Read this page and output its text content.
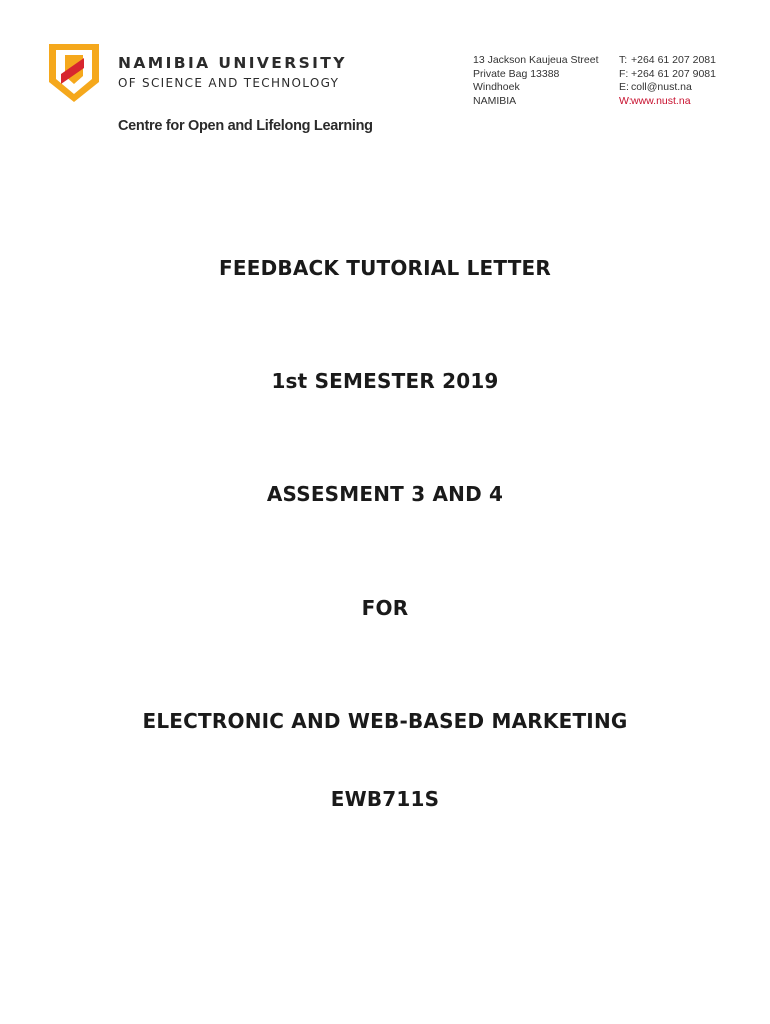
NAMIBIA UNIVERSITY
OF SCIENCE AND TECHNOLOGY
Centre for Open and Lifelong Learning
13 Jackson Kaujeua Street
Private Bag 13388
Windhoek
NAMIBIA
T: +264 61 207 2081
F: +264 61 207 9081
E: coll@nust.na
W: www.nust.na
FEEDBACK TUTORIAL LETTER
1st SEMESTER 2019
ASSESMENT 3 AND 4
FOR
ELECTRONIC AND WEB-BASED MARKETING
EWB711S
